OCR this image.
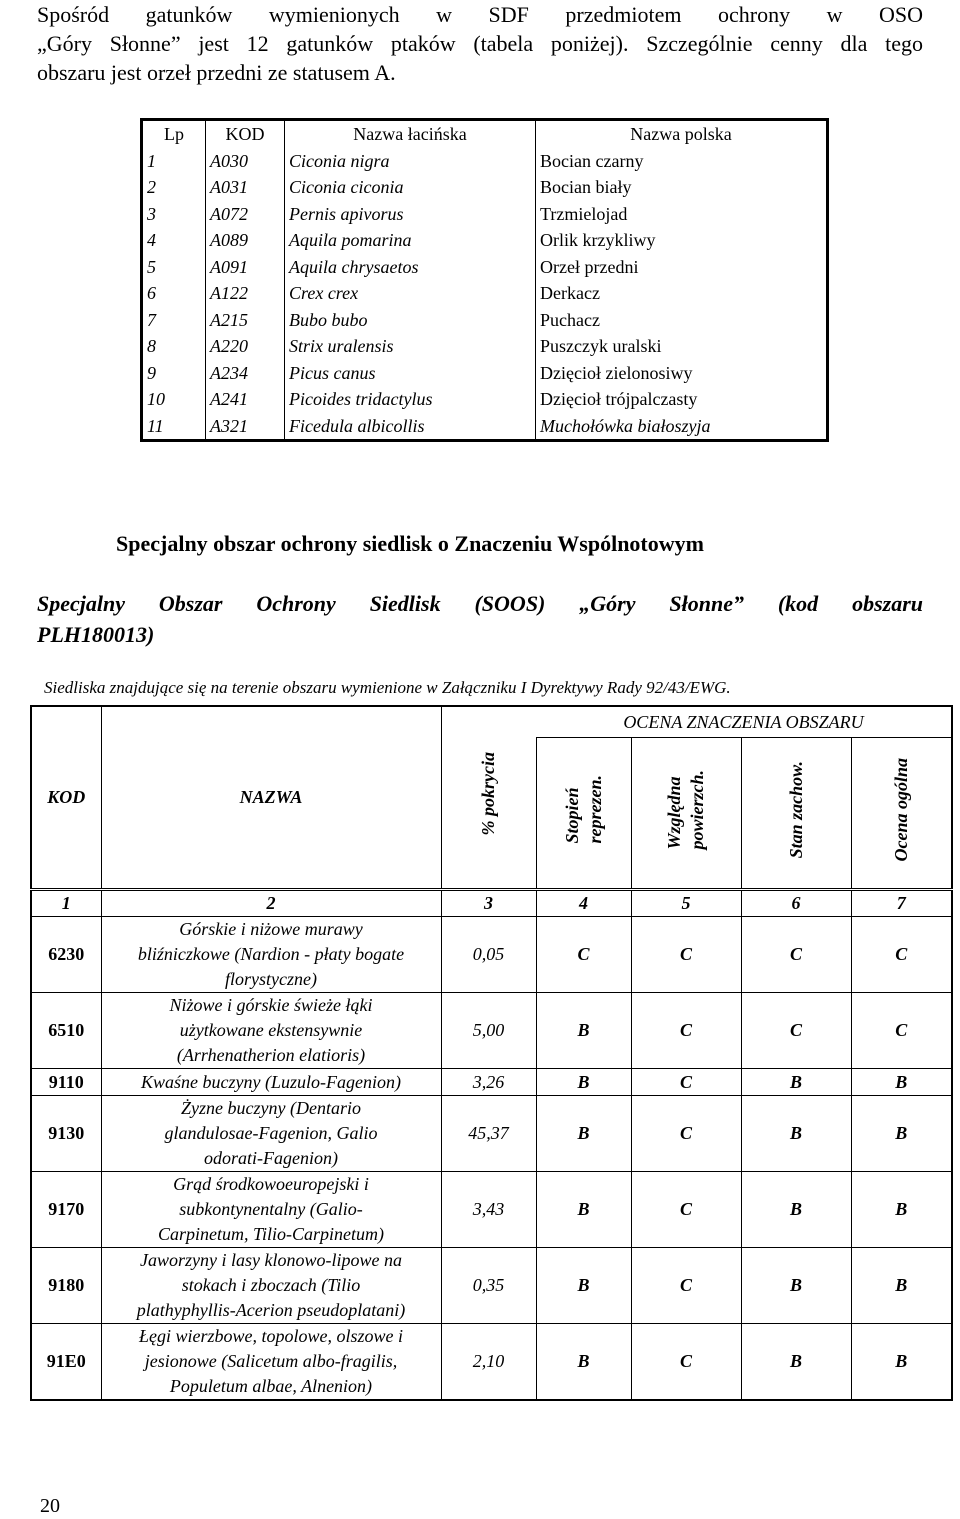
Spośród gatunków wymienionych w SDF przedmiotem ochrony w OSO
„Góry Słonne” jest 12 gatunków ptaków (tabela poniżej). Szczególnie cenny dla tego
obszaru jest orzeł przedni ze statusem A.
Lp	KOD	Nazwa łacińska	Nazwa polska
1	A030	Ciconia nigra	Bocian czarny
2	A031	Ciconia ciconia	Bocian biały
3	A072	Pernis apivorus	Trzmielojad
4	A089	Aquila pomarina	Orlik krzykliwy
5	A091	Aquila chrysaetos	Orzeł przedni
6	A122	Crex crex	Derkacz
7	A215	Bubo bubo	Puchacz
8	A220	Strix uralensis	Puszczyk uralski
9	A234	Picus canus	Dzięcioł zielonosiwy
10	A241	Picoides tridactylus	Dzięcioł trójpalczasty
11	A321	Ficedula albicollis	Muchołówka białoszyja
Specjalny obszar ochrony siedlisk o Znaczeniu Wspólnotowym
Specjalny Obszar Ochrony Siedlisk (SOOS) „Góry Słonne” (kod obszaru
PLH180013)
Siedliska znajdujące się na terenie obszaru wymienione w Załączniku I Dyrektywy Rady 92/43/EWG.
KOD	NAZWA	% pokrycia	OCENA ZNACZENIA OBSZARU			
			Stopień reprezen.	Względna powierzch.	Stan zachow.	Ocena ogólna
1	2	3	4	5	6	7
6230	Górskie i niżowe murawy
bliźniczkowe (Nardion - płaty bogate
florystyczne)	0,05	C	C	C	C
6510	Niżowe i górskie świeże łąki
użytkowane ekstensywnie
(Arrhenatherion elatioris)	5,00	B	C	C	C
9110	Kwaśne buczyny (Luzulo-Fagenion)	3,26	B	C	B	B
9130	Żyzne buczyny (Dentario
glandulosae-Fagenion, Galio
odorati-Fagenion)	45,37	B	C	B	B
9170	Grąd środkowoeuropejski i
subkontynentalny (Galio-
Carpinetum, Tilio-Carpinetum)	3,43	B	C	B	B
9180	Jaworzyny i lasy klonowo-lipowe na
stokach i zboczach (Tilio
plathyphyllis-Acerion pseudoplatani)	0,35	B	C	B	B
91E0	Łęgi wierzbowe, topolowe, olszowe i
jesionowe (Salicetum albo-fragilis,
Populetum albae, Alnenion)	2,10	B	C	B	B
20
